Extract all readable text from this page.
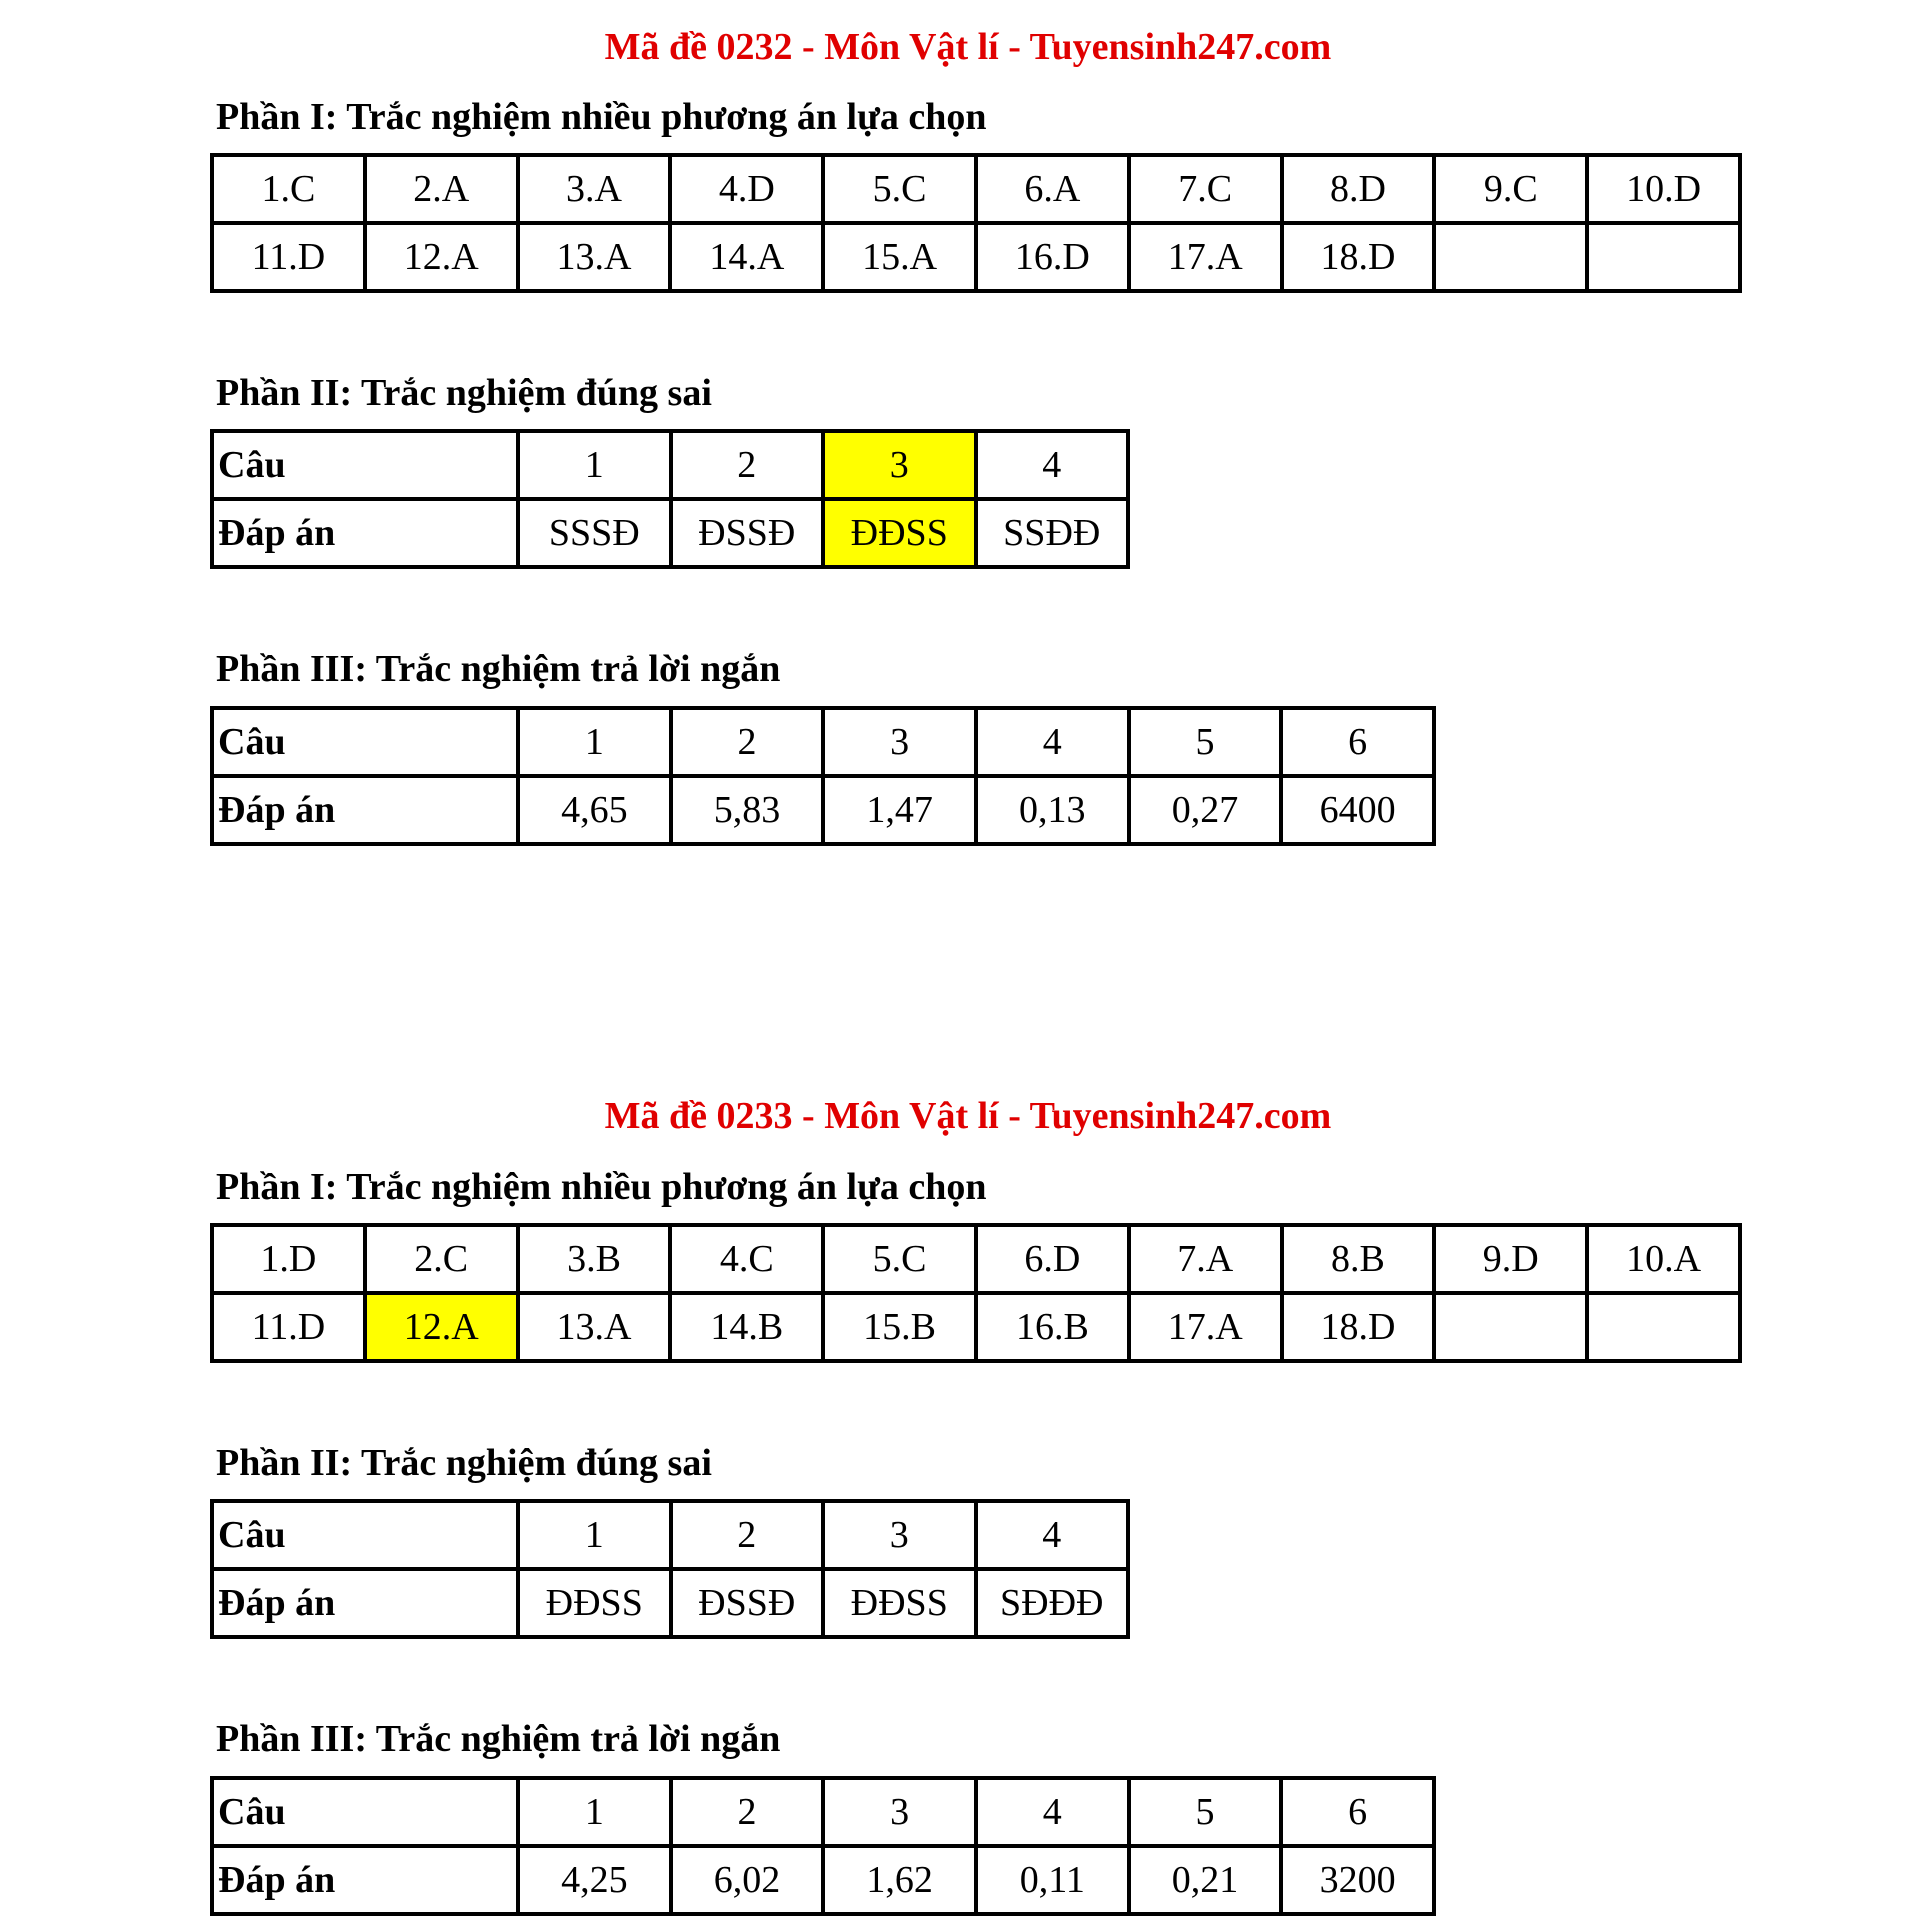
Mã đề 0232 - Môn Vật lí - Tuyensinh247.com
Phần I: Trắc nghiệm nhiều phương án lựa chọn
1.C	2.A	3.A	4.D	5.C	6.A	7.C	8.D	9.C	10.D
11.D	12.A	13.A	14.A	15.A	16.D	17.A	18.D		
Phần II: Trắc nghiệm đúng sai
Câu	1	2	3	4
Đáp án	SSSĐ	ĐSSĐ	ĐĐSS	SSĐĐ
Phần III: Trắc nghiệm trả lời ngắn
Câu	1	2	3	4	5	6
Đáp án	4,65	5,83	1,47	0,13	0,27	6400
Mã đề 0233 - Môn Vật lí - Tuyensinh247.com
Phần I: Trắc nghiệm nhiều phương án lựa chọn
1.D	2.C	3.B	4.C	5.C	6.D	7.A	8.B	9.D	10.A
11.D	12.A	13.A	14.B	15.B	16.B	17.A	18.D		
Phần II: Trắc nghiệm đúng sai
Câu	1	2	3	4
Đáp án	ĐĐSS	ĐSSĐ	ĐĐSS	SĐĐĐ
Phần III: Trắc nghiệm trả lời ngắn
Câu	1	2	3	4	5	6
Đáp án	4,25	6,02	1,62	0,11	0,21	3200
